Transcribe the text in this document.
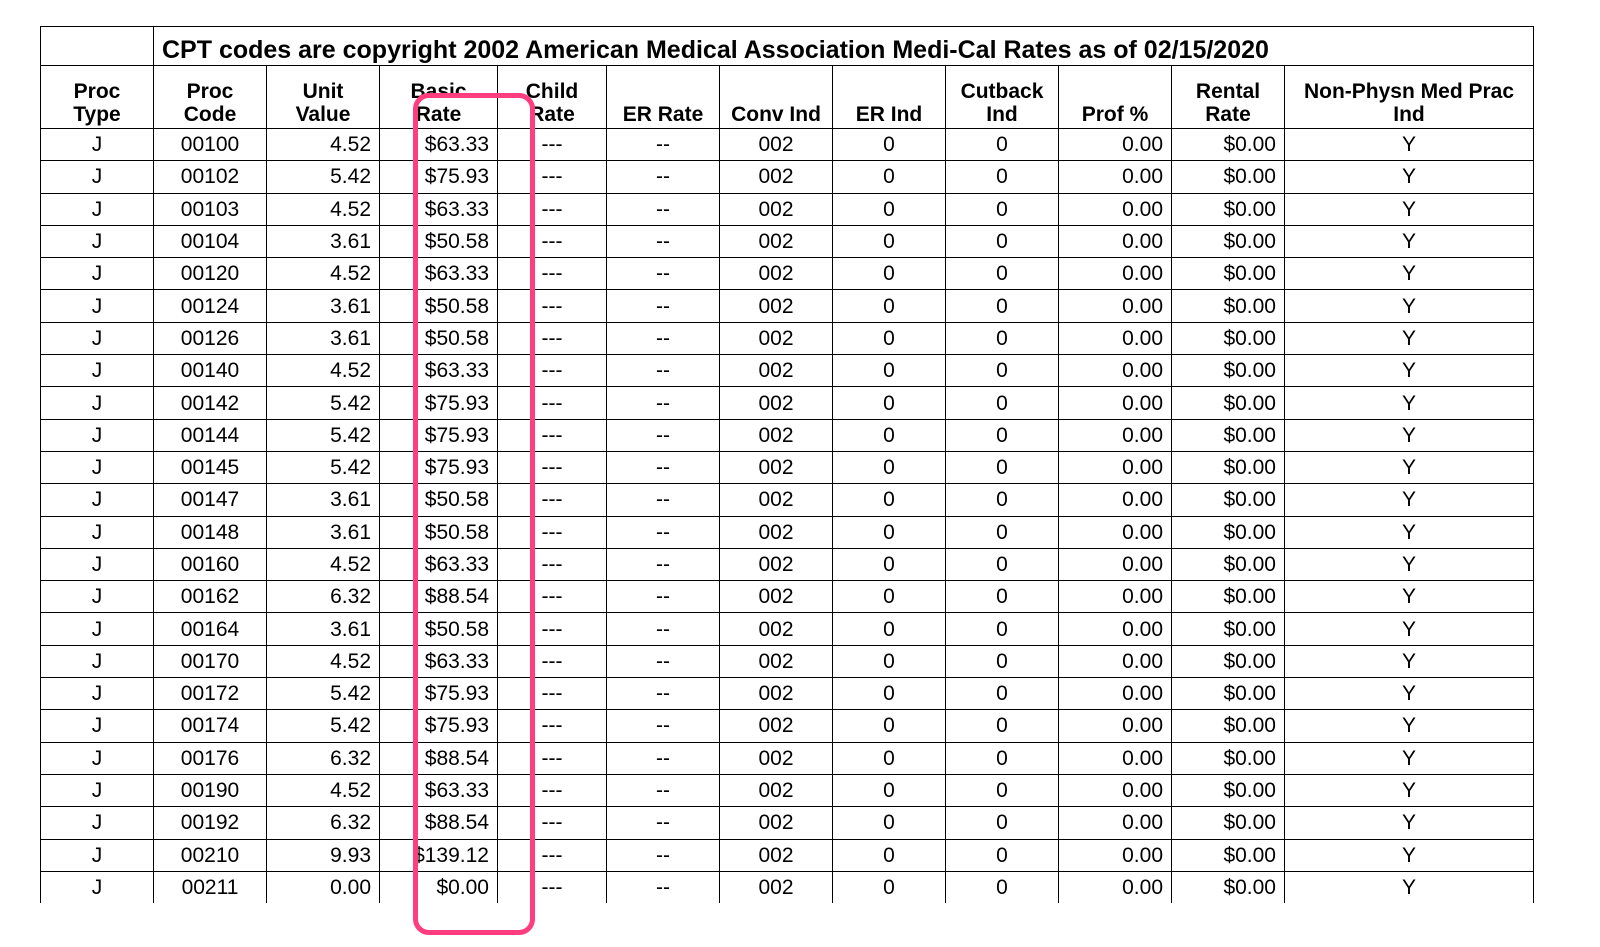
	CPT codes are copyright 2002 American Medical Association Medi-Cal Rates as of 02/15/2020										
Proc Type	Proc Code	Unit Value	Basic Rate	Child Rate	ER Rate	Conv Ind	ER Ind	Cutback Ind	Prof %	Rental Rate	Non-Physn Med Prac Ind
J	00100	4.52	$63.33	---	--	002	0	0	0.00	$0.00	Y
J	00102	5.42	$75.93	---	--	002	0	0	0.00	$0.00	Y
J	00103	4.52	$63.33	---	--	002	0	0	0.00	$0.00	Y
J	00104	3.61	$50.58	---	--	002	0	0	0.00	$0.00	Y
J	00120	4.52	$63.33	---	--	002	0	0	0.00	$0.00	Y
J	00124	3.61	$50.58	---	--	002	0	0	0.00	$0.00	Y
J	00126	3.61	$50.58	---	--	002	0	0	0.00	$0.00	Y
J	00140	4.52	$63.33	---	--	002	0	0	0.00	$0.00	Y
J	00142	5.42	$75.93	---	--	002	0	0	0.00	$0.00	Y
J	00144	5.42	$75.93	---	--	002	0	0	0.00	$0.00	Y
J	00145	5.42	$75.93	---	--	002	0	0	0.00	$0.00	Y
J	00147	3.61	$50.58	---	--	002	0	0	0.00	$0.00	Y
J	00148	3.61	$50.58	---	--	002	0	0	0.00	$0.00	Y
J	00160	4.52	$63.33	---	--	002	0	0	0.00	$0.00	Y
J	00162	6.32	$88.54	---	--	002	0	0	0.00	$0.00	Y
J	00164	3.61	$50.58	---	--	002	0	0	0.00	$0.00	Y
J	00170	4.52	$63.33	---	--	002	0	0	0.00	$0.00	Y
J	00172	5.42	$75.93	---	--	002	0	0	0.00	$0.00	Y
J	00174	5.42	$75.93	---	--	002	0	0	0.00	$0.00	Y
J	00176	6.32	$88.54	---	--	002	0	0	0.00	$0.00	Y
J	00190	4.52	$63.33	---	--	002	0	0	0.00	$0.00	Y
J	00192	6.32	$88.54	---	--	002	0	0	0.00	$0.00	Y
J	00210	9.93	$139.12	---	--	002	0	0	0.00	$0.00	Y
J	00211	0.00	$0.00	---	--	002	0	0	0.00	$0.00	Y
